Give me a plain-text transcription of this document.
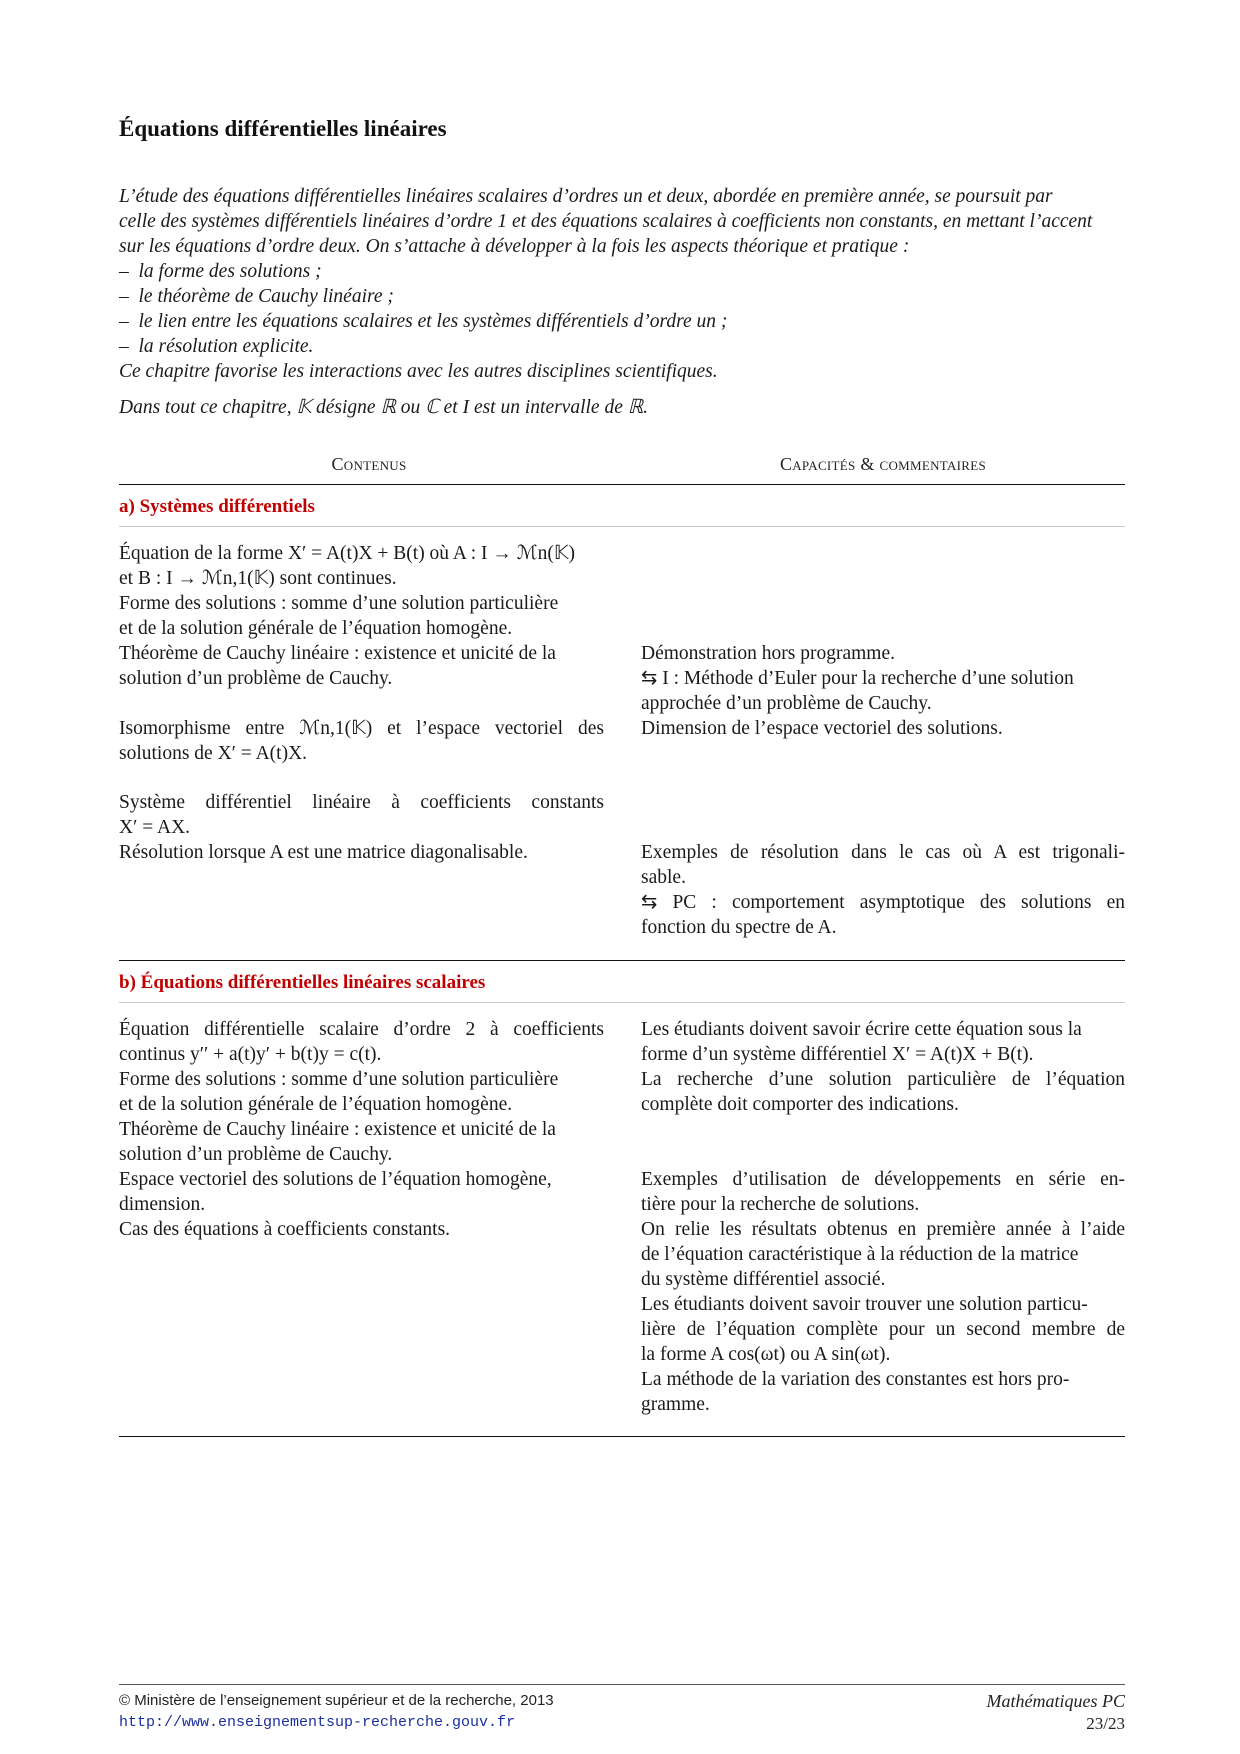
Équations différentielles linéaires

L’étude des équations différentielles linéaires scalaires d’ordres un et deux, abordée en première année, se poursuit par

celle des systèmes différentiels linéaires d’ordre 1 et des équations scalaires à coefficients non constants, en mettant l’accent

sur les équations d’ordre deux. On s’attache à développer à la fois les aspects théorique et pratique :

–  la forme des solutions ;

–  le théorème de Cauchy linéaire ;

–  le lien entre les équations scalaires et les systèmes différentiels d’ordre un ;

–  la résolution explicite.

Ce chapitre favorise les interactions avec les autres disciplines scientifiques.

Dans tout ce chapitre, 𝕂 désigne ℝ ou ℂ et I est un intervalle de ℝ.

Contenus	Capacités & commentaires
a) Systèmes différentiels
Équation de la forme X′ = A(t)X + B(t) où A : I → ℳn(𝕂)
et B : I → ℳn,1(𝕂) sont continues.
Forme des solutions : somme d’une solution particulière
et de la solution générale de l’équation homogène.
Théorème de Cauchy linéaire : existence et unicité de la
solution d’un problème de Cauchy.
Isomorphisme entre ℳn,1(𝕂) et l’espace vectoriel des
solutions de X′ = A(t)X.
Système différentiel linéaire à coefficients constants
X′ = AX.
Résolution lorsque A est une matrice diagonalisable.
Démonstration hors programme.
⇆ I : Méthode d’Euler pour la recherche d’une solution
approchée d’un problème de Cauchy.
Dimension de l’espace vectoriel des solutions.
Exemples de résolution dans le cas où A est trigonali-
sable.
⇆ PC : comportement asymptotique des solutions en
fonction du spectre de A.
b) Équations différentielles linéaires scalaires
Équation différentielle scalaire d’ordre 2 à coefficients
continus y′′ + a(t)y′ + b(t)y = c(t).
Forme des solutions : somme d’une solution particulière
et de la solution générale de l’équation homogène.
Théorème de Cauchy linéaire : existence et unicité de la
solution d’un problème de Cauchy.
Espace vectoriel des solutions de l’équation homogène,
dimension.
Cas des équations à coefficients constants.
Les étudiants doivent savoir écrire cette équation sous la
forme d’un système différentiel X′ = A(t)X + B(t).
La recherche d’une solution particulière de l’équation
complète doit comporter des indications.
Exemples d’utilisation de développements en série en-
tière pour la recherche de solutions.
On relie les résultats obtenus en première année à l’aide
de l’équation caractéristique à la réduction de la matrice
du système différentiel associé.
Les étudiants doivent savoir trouver une solution particu-
lière de l’équation complète pour un second membre de
la forme A cos(ωt) ou A sin(ωt).
La méthode de la variation des constantes est hors pro-
gramme.
© Ministère de l’enseignement supérieur et de la recherche, 2013
http://www.enseignementsup-recherche.gouv.fr
Mathématiques PC
23/23
